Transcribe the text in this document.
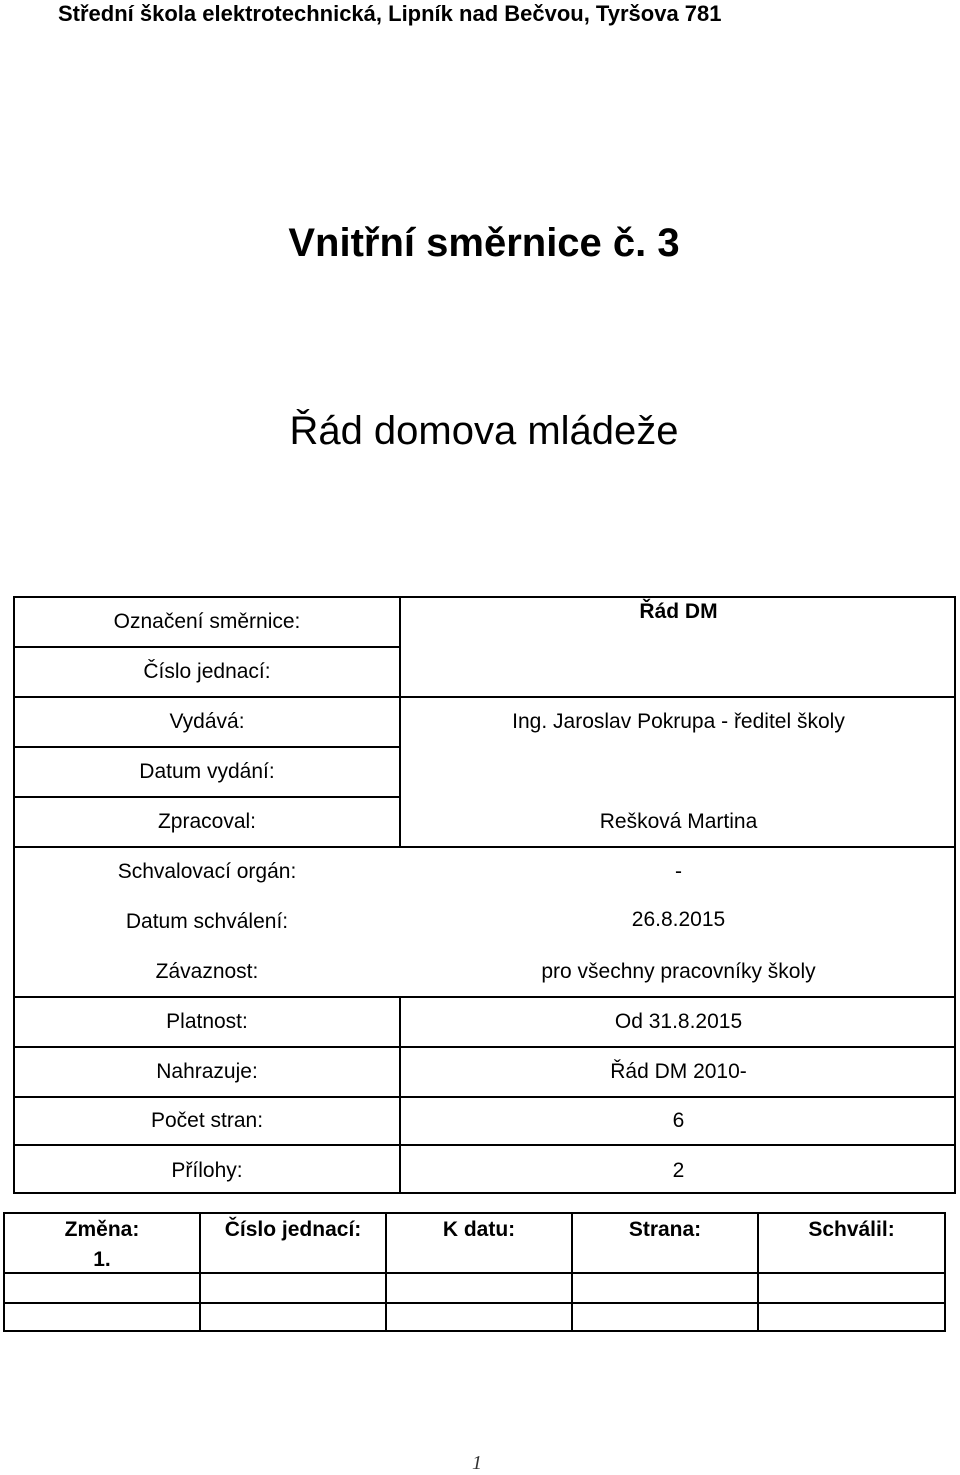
Střední škola elektrotechnická, Lipník nad Bečvou, Tyršova 781
Vnitřní směrnice č. 3
Řád domova mládeže
Označení směrnice:	Řád DM
Číslo jednací:
Vydává:	Ing. Jaroslav Pokrupa - ředitel školy
Datum vydání:
Zpracoval:	Rešková Martina
Schvalovací orgán:	-
Datum schválení:	26.8.2015
Závaznost:	pro všechny pracovníky školy
Platnost:	Od 31.8.2015
Nahrazuje:	Řád DM 2010-
Počet stran:	6
Přílohy:	2
Změna:	Číslo jednací:	K datu:	Strana:	Schválil:
1.
1
